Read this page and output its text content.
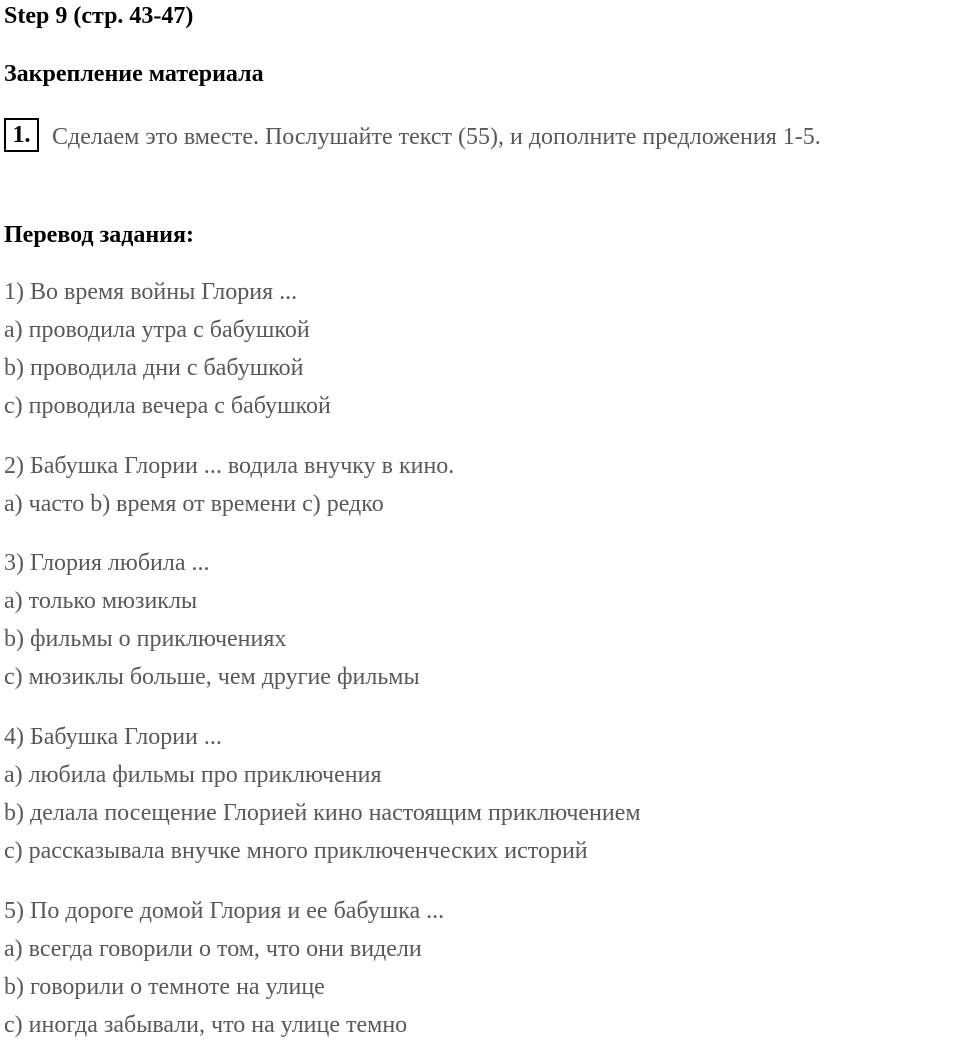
Step 9 (стр. 43-47)
Закрепление материала
1. Сделаем это вместе. Послушайте текст (55), и дополните предложения 1-5.

Перевод задания:

1) Во время войны Глория ...

a) проводила утра с бабушкой

b) проводила дни с бабушкой

c) проводила вечера с бабушкой

2) Бабушка Глории ... водила внучку в кино.

a) часто b) время от времени c) редко

3) Глория любила ...

a) только мюзиклы

b) фильмы о приключениях

c) мюзиклы больше, чем другие фильмы

4) Бабушка Глории ...

a) любила фильмы про приключения

b) делала посещение Глорией кино настоящим приключением

c) рассказывала внучке много приключенческих историй

5) По дороге домой Глория и ее бабушка ...

a) всегда говорили о том, что они видели

b) говорили о темноте на улице

c) иногда забывали, что на улице темно
